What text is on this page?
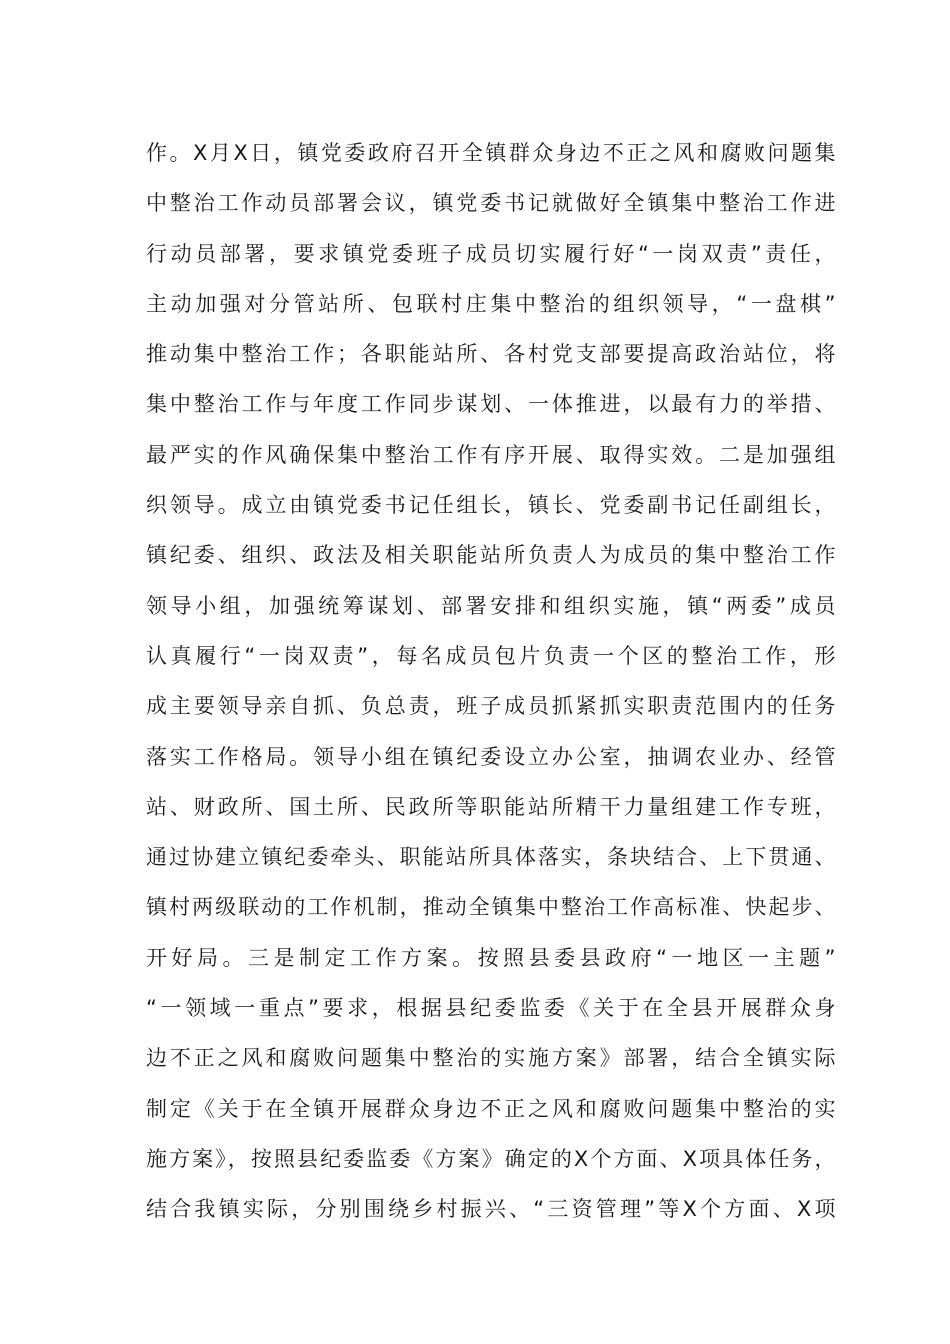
作。X月X日，镇党委政府召开全镇群众身边不正之风和腐败问题集
中整治工作动员部署会议，镇党委书记就做好全镇集中整治工作进
行动员部署，要求镇党委班子成员切实履行好“一岗双责”责任，
主动加强对分管站所、包联村庄集中整治的组织领导，“一盘棋”
推动集中整治工作；各职能站所、各村党支部要提高政治站位，将
集中整治工作与年度工作同步谋划、一体推进，以最有力的举措、
最严实的作风确保集中整治工作有序开展、取得实效。二是加强组
织领导。成立由镇党委书记任组长，镇长、党委副书记任副组长，
镇纪委、组织、政法及相关职能站所负责人为成员的集中整治工作
领导小组，加强统筹谋划、部署安排和组织实施，镇“两委”成员
认真履行“一岗双责”，每名成员包片负责一个区的整治工作，形
成主要领导亲自抓、负总责，班子成员抓紧抓实职责范围内的任务
落实工作格局。领导小组在镇纪委设立办公室，抽调农业办、经管
站、财政所、国土所、民政所等职能站所精干力量组建工作专班，
通过协建立镇纪委牵头、职能站所具体落实，条块结合、上下贯通、
镇村两级联动的工作机制，推动全镇集中整治工作高标准、快起步、
开好局。三是制定工作方案。按照县委县政府“一地区一主题”
“一领域一重点”要求，根据县纪委监委《关于在全县开展群众身
边不正之风和腐败问题集中整治的实施方案》部署，结合全镇实际
制定《关于在全镇开展群众身边不正之风和腐败问题集中整治的实
施方案》，按照县纪委监委《方案》确定的X个方面、X项具体任务，
结合我镇实际，分别围绕乡村振兴、“三资管理”等X个方面、X项
